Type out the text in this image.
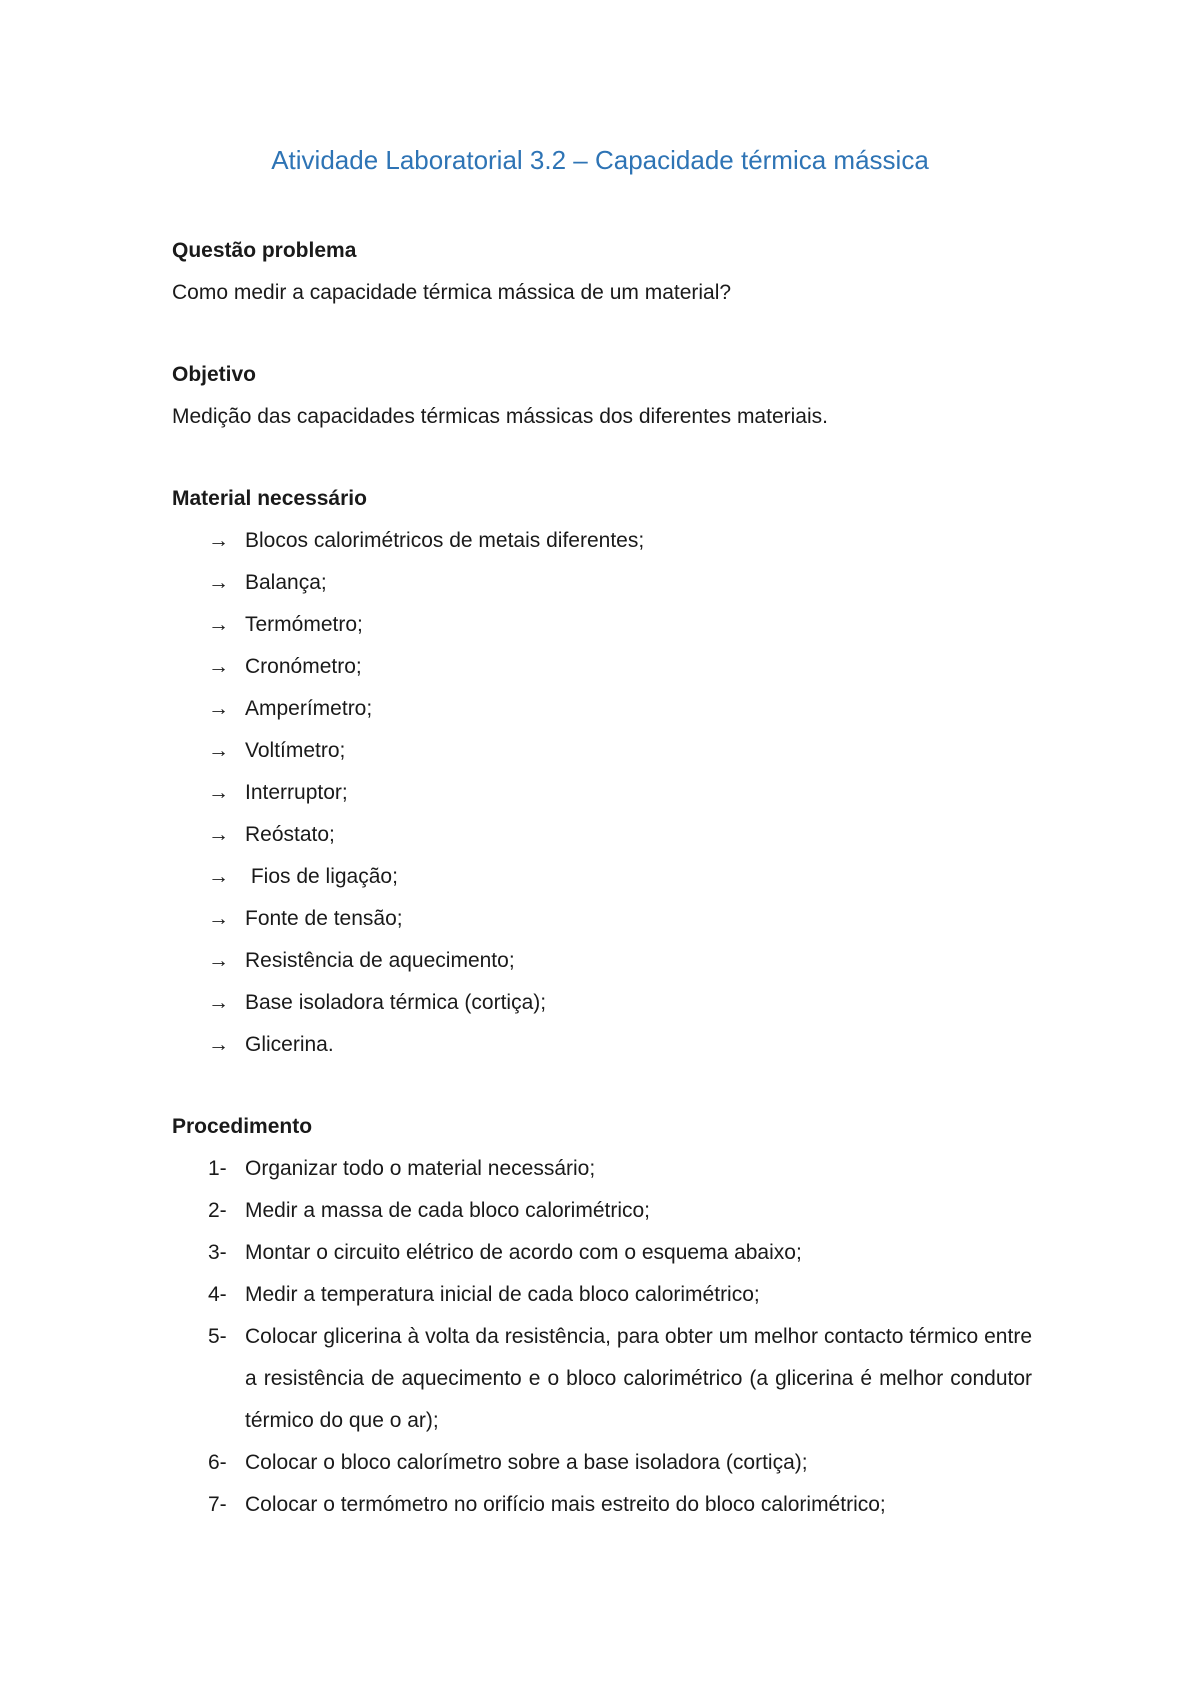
Atividade Laboratorial 3.2 – Capacidade térmica mássica

Questão problema

Como medir a capacidade térmica mássica de um material?

Objetivo

Medição das capacidades térmicas mássicas dos diferentes materiais.

Material necessário

→ Blocos calorimétricos de metais diferentes;
→ Balança;
→ Termómetro;
→ Cronómetro;
→ Amperímetro;
→ Voltímetro;
→ Interruptor;
→ Reóstato;
→ Fios de ligação;
→ Fonte de tensão;
→ Resistência de aquecimento;
→ Base isoladora térmica (cortiça);
→ Glicerina.

Procedimento

1- Organizar todo o material necessário;
2- Medir a massa de cada bloco calorimétrico;
3- Montar o circuito elétrico de acordo com o esquema abaixo;
4- Medir a temperatura inicial de cada bloco calorimétrico;
5- Colocar glicerina à volta da resistência, para obter um melhor contacto térmico entre a resistência de aquecimento e o bloco calorimétrico (a glicerina é melhor condutor térmico do que o ar);
6- Colocar o bloco calorímetro sobre a base isoladora (cortiça);
7- Colocar o termómetro no orifício mais estreito do bloco calorimétrico;
